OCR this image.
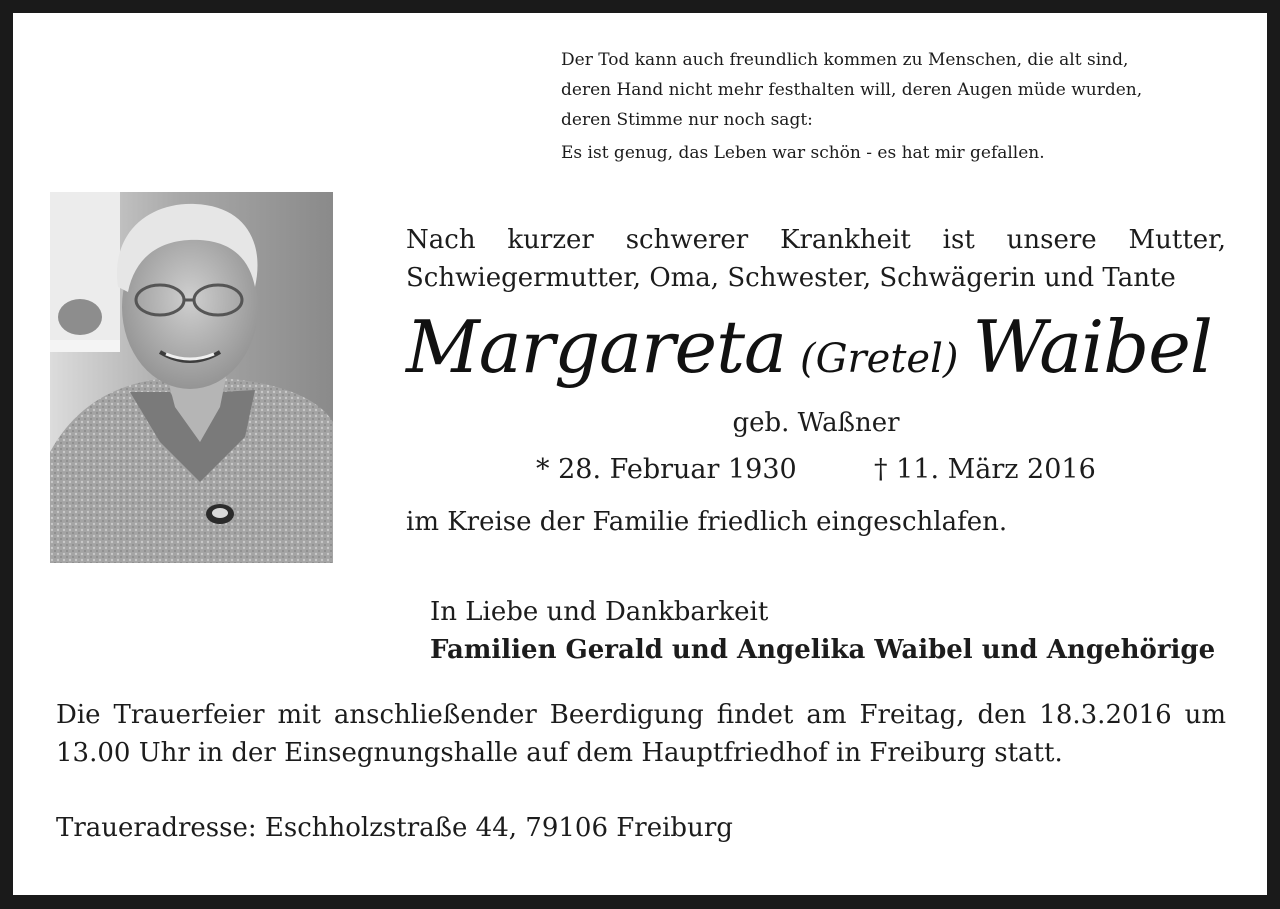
Der Tod kann auch freundlich kommen zu Menschen, die alt sind,
deren Hand nicht mehr festhalten will, deren Augen müde wurden,
deren Stimme nur noch sagt:
Es ist genug, das Leben war schön - es hat mir gefallen.
Nach kurzer schwerer Krankheit ist unsere Mutter,
Schwiegermutter, Oma, Schwester, Schwägerin und Tante
Margareta (Gretel) Waibel
geb. Waßner
* 28. Februar 1930	† 11. März 2016
im Kreise der Familie friedlich eingeschlafen.
In Liebe und Dankbarkeit
Familien Gerald und Angelika Waibel und Angehörige
Die Trauerfeier mit anschließender Beerdigung findet am Freitag, den 18.3.2016 um
13.00 Uhr in der Einsegnungshalle auf dem Hauptfriedhof in Freiburg statt.
Traueradresse: Eschholzstraße 44, 79106 Freiburg
